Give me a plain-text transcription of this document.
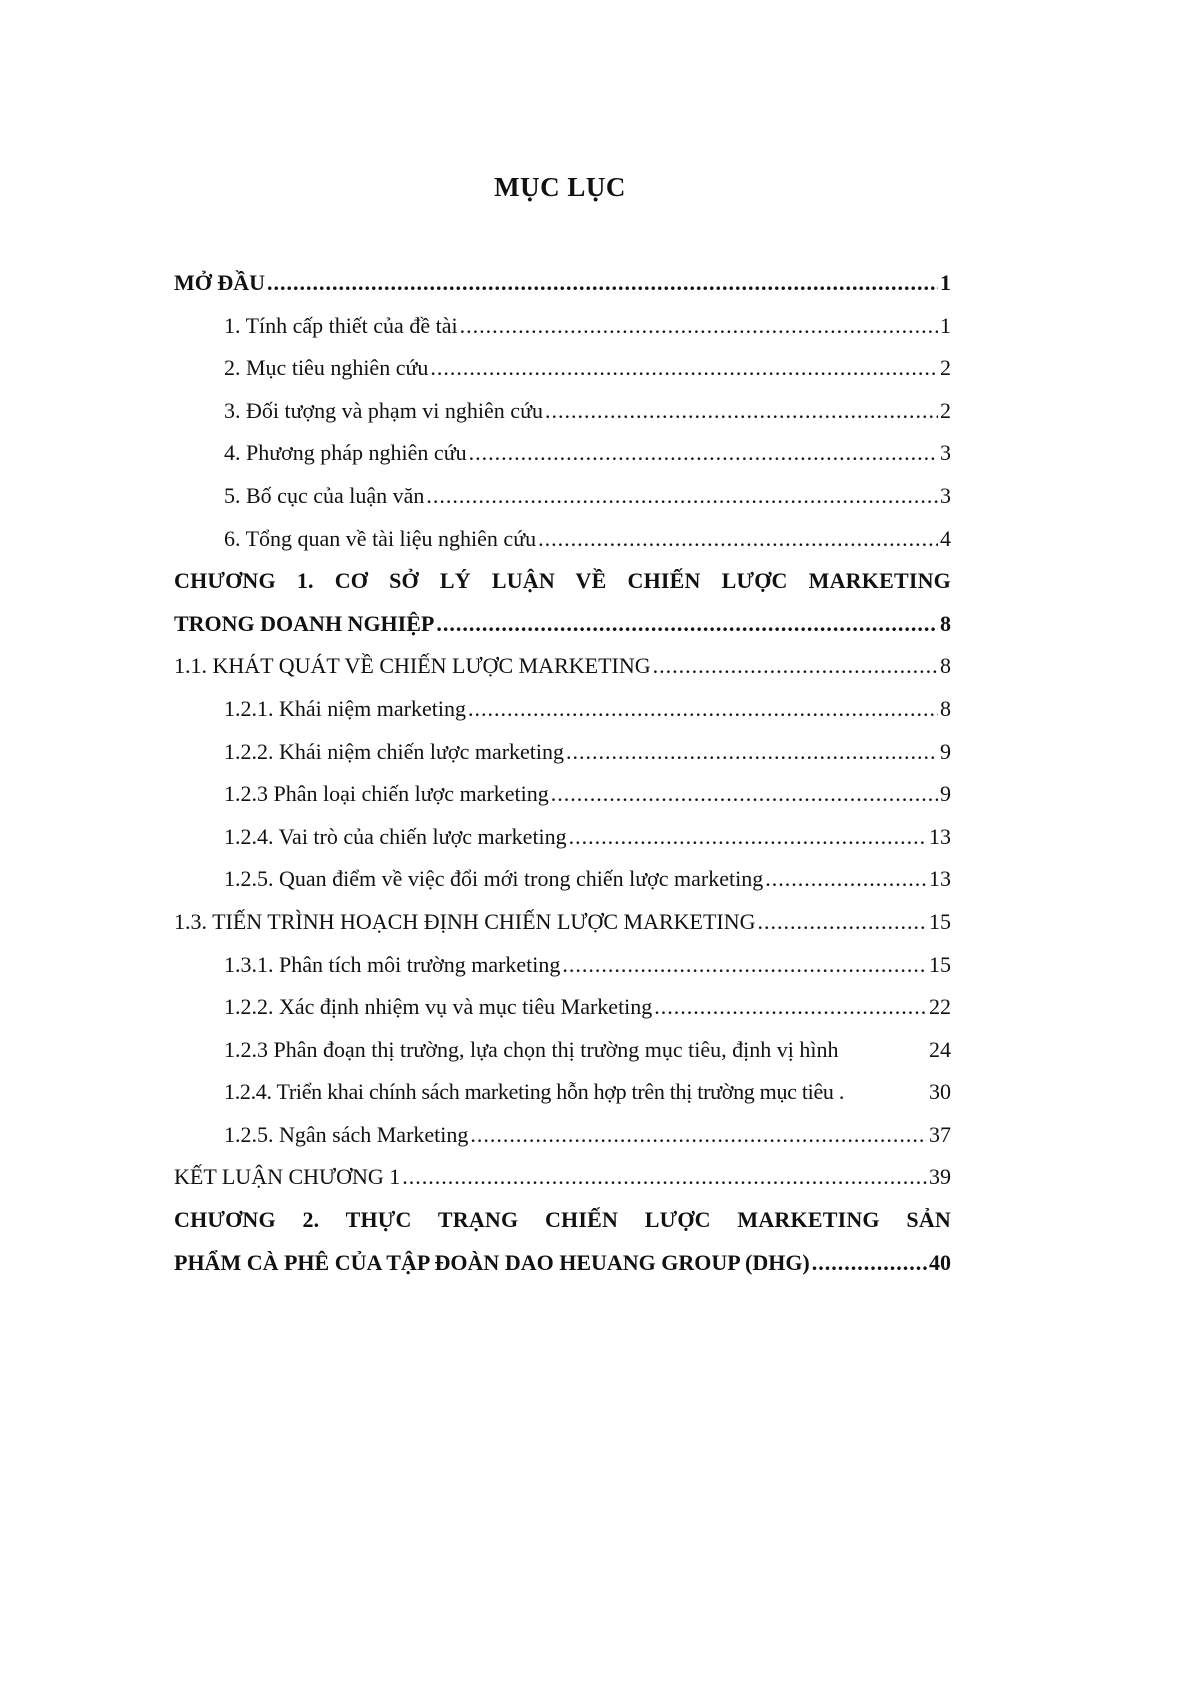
MỤC LỤC
MỞ ĐẦU .....	1
1. Tính cấp thiết của đề tài .....	1
2. Mục tiêu nghiên cứu .....	2
3. Đối tượng và phạm vi nghiên cứu .....	2
4. Phương pháp nghiên cứu .....	3
5. Bố cục của luận văn .....	3
6. Tổng quan về tài liệu nghiên cứu .....	4
CHƯƠNG 1. CƠ SỞ LÝ LUẬN VỀ CHIẾN LƯỢC MARKETING
TRONG DOANH NGHIỆP .....	8
1.1. KHÁT QUÁT VỀ CHIẾN LƯỢC MARKETING .....	8
1.2.1. Khái niệm marketing .....	8
1.2.2. Khái niệm chiến lược marketing .....	9
1.2.3 Phân loại chiến lược marketing .....	9
1.2.4. Vai trò của chiến lược marketing .....	13
1.2.5. Quan điểm về việc đổi mới trong chiến lược marketing .....	13
1.3. TIẾN TRÌNH HOẠCH ĐỊNH CHIẾN LƯỢC MARKETING .....	15
1.3.1. Phân tích môi trường marketing .....	15
1.2.2. Xác định nhiệm vụ và mục tiêu Marketing .....	22
1.2.3 Phân đoạn thị trường, lựa chọn thị trường mục tiêu, định vị hình	24
1.2.4. Triển khai chính sách marketing hỗn hợp trên thị trường mục tiêu .	30
1.2.5. Ngân sách Marketing .....	37
KẾT LUẬN CHƯƠNG 1 .....	39
CHƯƠNG 2. THỰC TRẠNG CHIẾN LƯỢC MARKETING SẢN
PHẨM CÀ PHÊ CỦA TẬP ĐOÀN DAO HEUANG GROUP (DHG) .....	40
